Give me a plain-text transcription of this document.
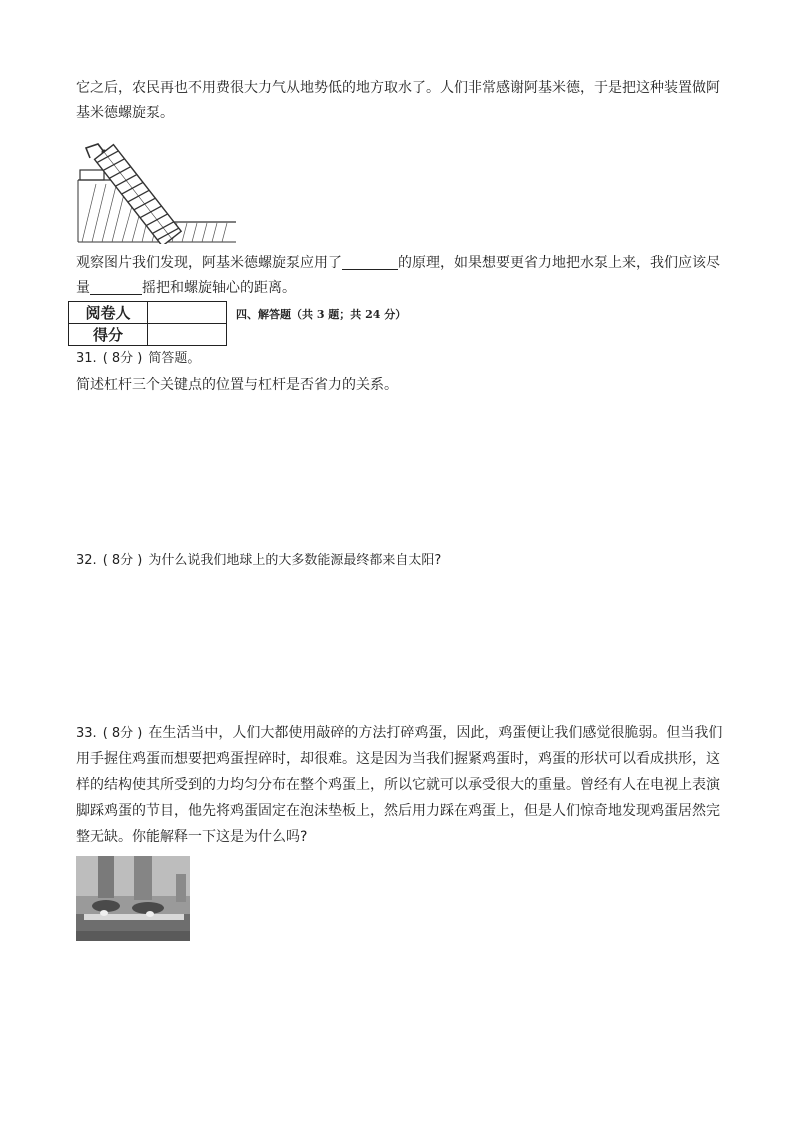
它之后，农民再也不用费很大力气从地势低的地方取水了。人们非常感谢阿基米德，于是把这种装置做阿

基米德螺旋泵。

观察图片我们发现，阿基米德螺旋泵应用了	的原理，如果想要更省力地把水泵上来，我们应该尽

量	摇把和螺旋轴心的距离。

阅卷人	
得分	
四、解答题（共 3 题；共 24 分）

31. ( 8分 ) 简答题。

简述杠杆三个关键点的位置与杠杆是否省力的关系。

32. ( 8分 ) 为什么说我们地球上的大多数能源最终都来自太阳?

33. ( 8分 ) 在生活当中，人们大都使用敲碎的方法打碎鸡蛋，因此，鸡蛋便让我们感觉很脆弱。但当我们

用手握住鸡蛋而想要把鸡蛋捏碎时，却很难。这是因为当我们握紧鸡蛋时，鸡蛋的形状可以看成拱形，这

样的结构使其所受到的力均匀分布在整个鸡蛋上，所以它就可以承受很大的重量。曾经有人在电视上表演

脚踩鸡蛋的节目，他先将鸡蛋固定在泡沫垫板上，然后用力踩在鸡蛋上，但是人们惊奇地发现鸡蛋居然完

整无缺。你能解释一下这是为什么吗?
